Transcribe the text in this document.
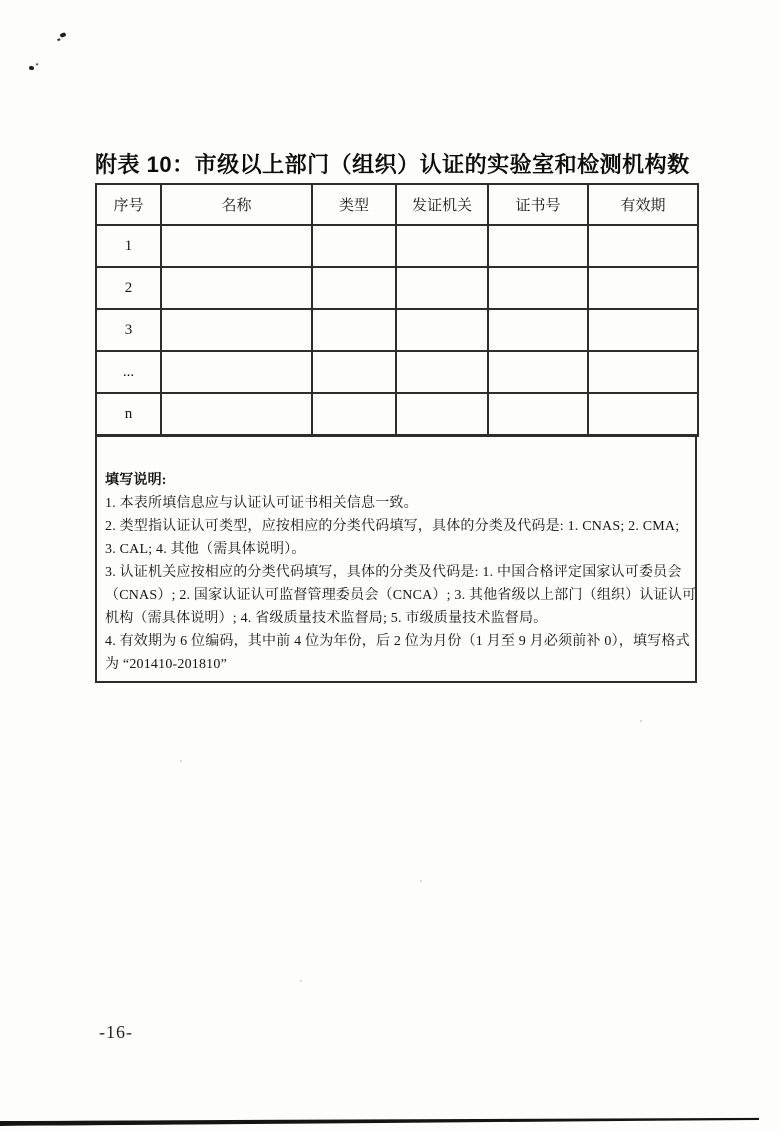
附表 10：市级以上部门（组织）认证的实验室和检测机构数
序号	名称	类型	发证机关	证书号	有效期
1					
2					
3					
...					
n					
填写说明:
1. 本表所填信息应与认证认可证书相关信息一致。
2. 类型指认证认可类型，应按相应的分类代码填写，具体的分类及代码是: 1. CNAS; 2. CMA;
3. CAL; 4. 其他（需具体说明）。
3. 认证机关应按相应的分类代码填写，具体的分类及代码是: 1. 中国合格评定国家认可委员会
（CNAS）; 2. 国家认证认可监督管理委员会（CNCA）; 3. 其他省级以上部门（组织）认证认可
机构（需具体说明）; 4. 省级质量技术监督局; 5. 市级质量技术监督局。
4. 有效期为 6 位编码，其中前 4 位为年份，后 2 位为月份（1 月至 9 月必须前补 0），填写格式
为 “201410-201810”
-16-
